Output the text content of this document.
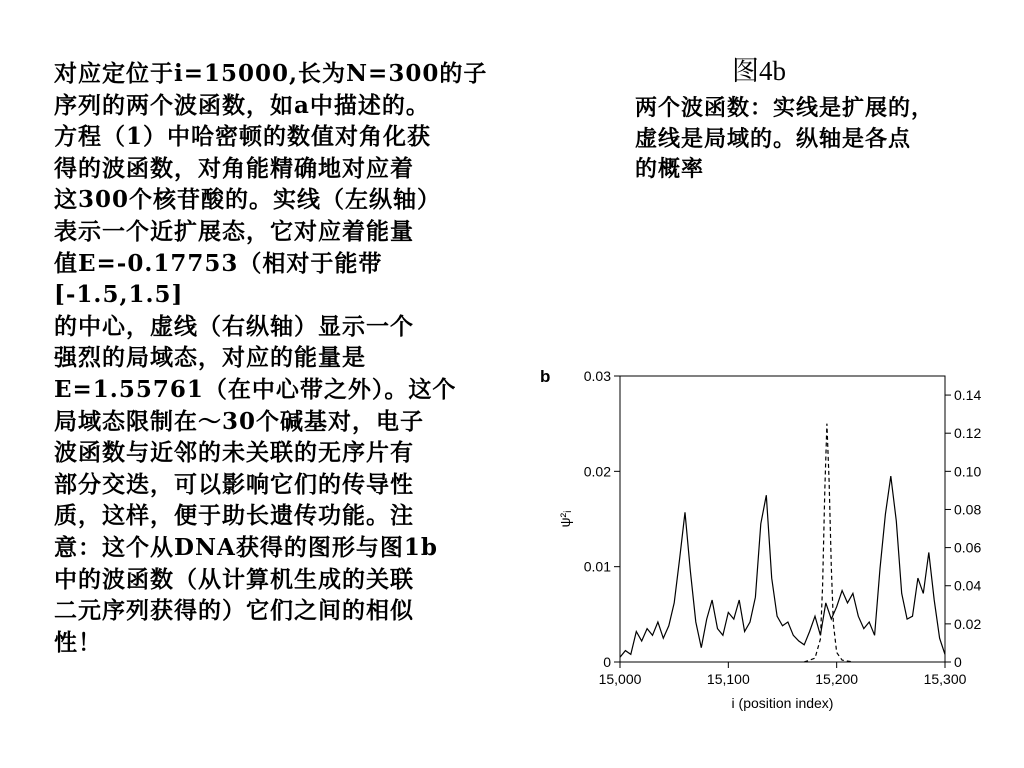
对应定位于i=15000,长为N=300的子
序列的两个波函数，如a中描述的。
方程（1）中哈密顿的数值对角化获
得的波函数，对角能精确地对应着
这300个核苷酸的。实线（左纵轴）
表示一个近扩展态，它对应着能量
值E=-0.17753（相对于能带[-1.5,1.5]
的中心，虚线（右纵轴）显示一个
强烈的局域态，对应的能量是
E=1.55761（在中心带之外）。这个
局域态限制在～30个碱基对，电子
波函数与近邻的未关联的无序片有
部分交迭，可以影响它们的传导性
质，这样，便于助长遗传功能。注
意：这个从DNA获得的图形与图1b
中的波函数（从计算机生成的关联
二元序列获得的）它们之间的相似
性！
图4b
两个波函数：实线是扩展的，
虚线是局域的。纵轴是各点
的概率
b
ψ²ᵢ
i (position index)
15,000	15,100	15,200	15,300
0
0.01
0.02
0.03
0
0.02
0.04
0.06
0.08
0.10
0.12
0.14
